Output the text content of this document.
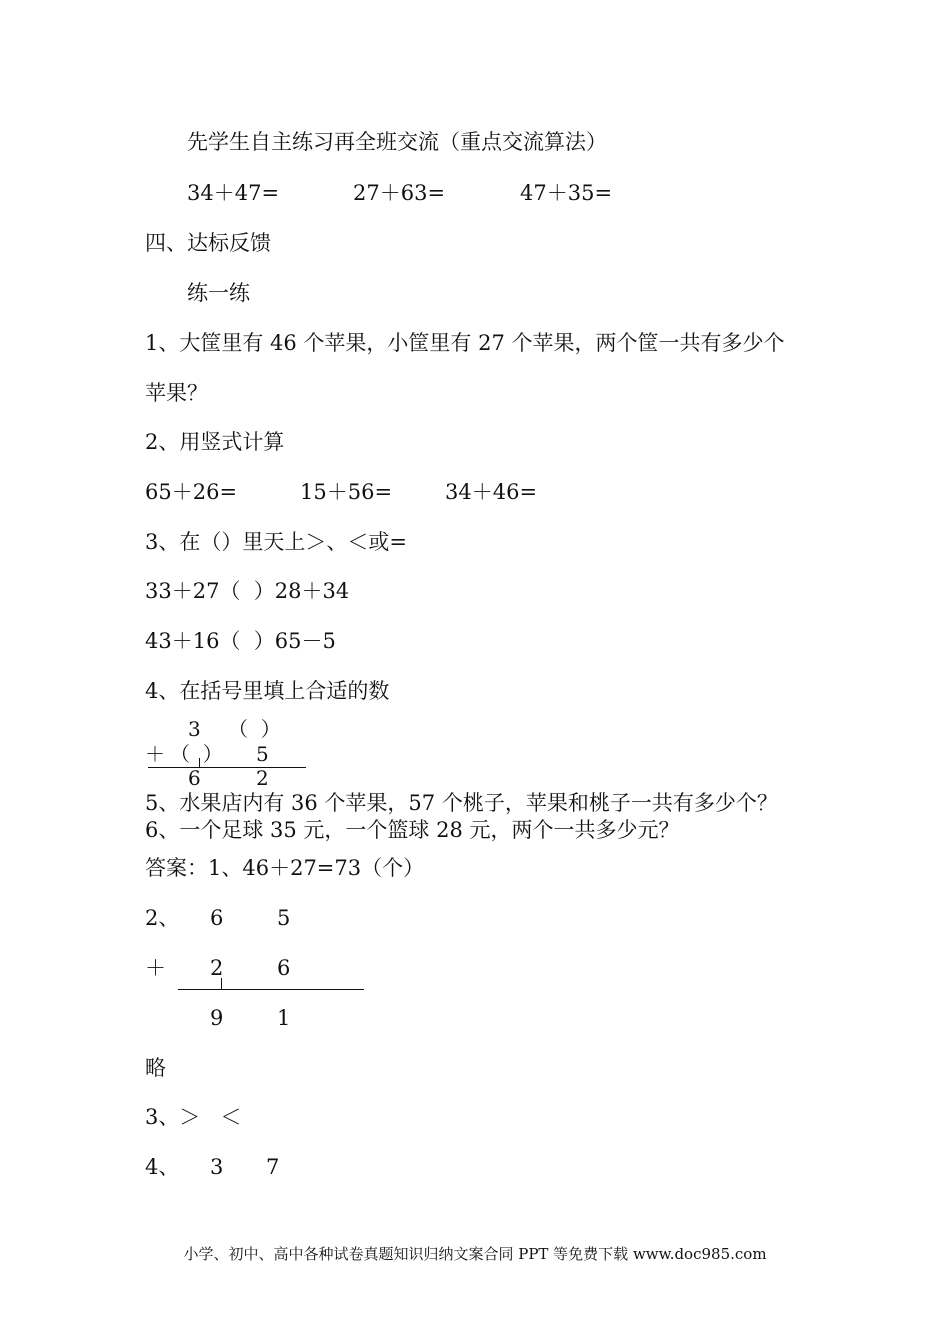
先学生自主练习再全班交流（重点交流算法）
34＋47=	27＋63=	47＋35=
四、达标反馈
练一练
1、大筐里有 46 个苹果，小筐里有 27 个苹果，两个筐一共有多少个
苹果？
2、用竖式计算
65＋26=	15＋56=	34＋46=
3、在（）里天上＞、＜或=
33＋27（  ）28＋34
43＋16（  ）65－5
4、在括号里填上合适的数
3 （  ）
＋ （  ） 5
6	2
5、水果店内有 36 个苹果，57 个桃子，苹果和桃子一共有多少个？
6、一个足球 35 元，一个篮球 28 元，两个一共多少元？
答案：1、46＋27=73（个）
2、 6	5
＋ 2	6
9	1
略
3、＞   ＜
4、 3 7
小学、初中、高中各种试卷真题知识归纳文案合同 PPT 等免费下载 www.doc985.com
